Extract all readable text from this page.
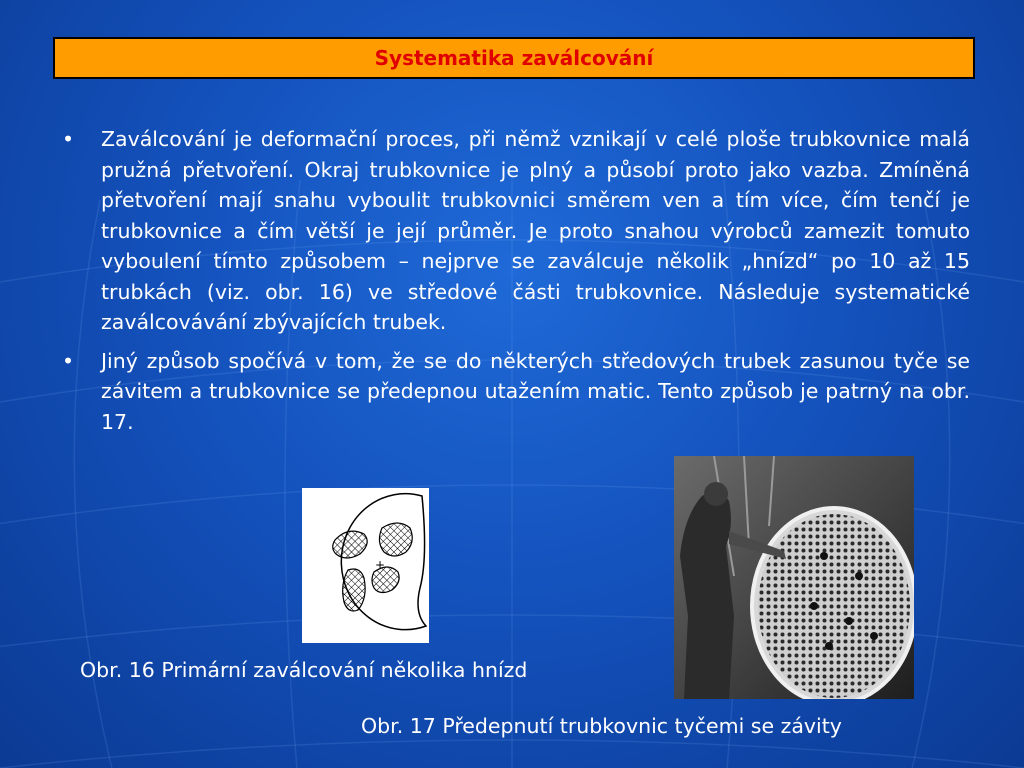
Systematika zaválcování
• Zaválcování je deformační proces, při němž vznikají v celé ploše trubkovnice malá pružná přetvoření. Okraj trubkovnice je plný a působí proto jako vazba. Zmíněná přetvoření mají snahu vyboulit trubkovnici směrem ven a tím více, čím tenčí je trubkovnice a čím větší je její průměr. Je proto snahou výrobců zamezit tomuto vyboulení tímto způsobem – nejprve se zaválcuje několik „hnízd“ po 10 až 15 trubkách (viz. obr. 16) ve středové části trubkovnice. Následuje systematické zaválcovávání zbývajících trubek.
• Jiný způsob spočívá v tom, že se do některých středových trubek zasunou tyče se závitem a trubkovnice se předepnou utažením matic. Tento způsob je patrný na obr. 17.
+
Obr. 16 Primární zaválcování několika hnízd
Obr. 17 Předepnutí trubkovnic tyčemi se závity
